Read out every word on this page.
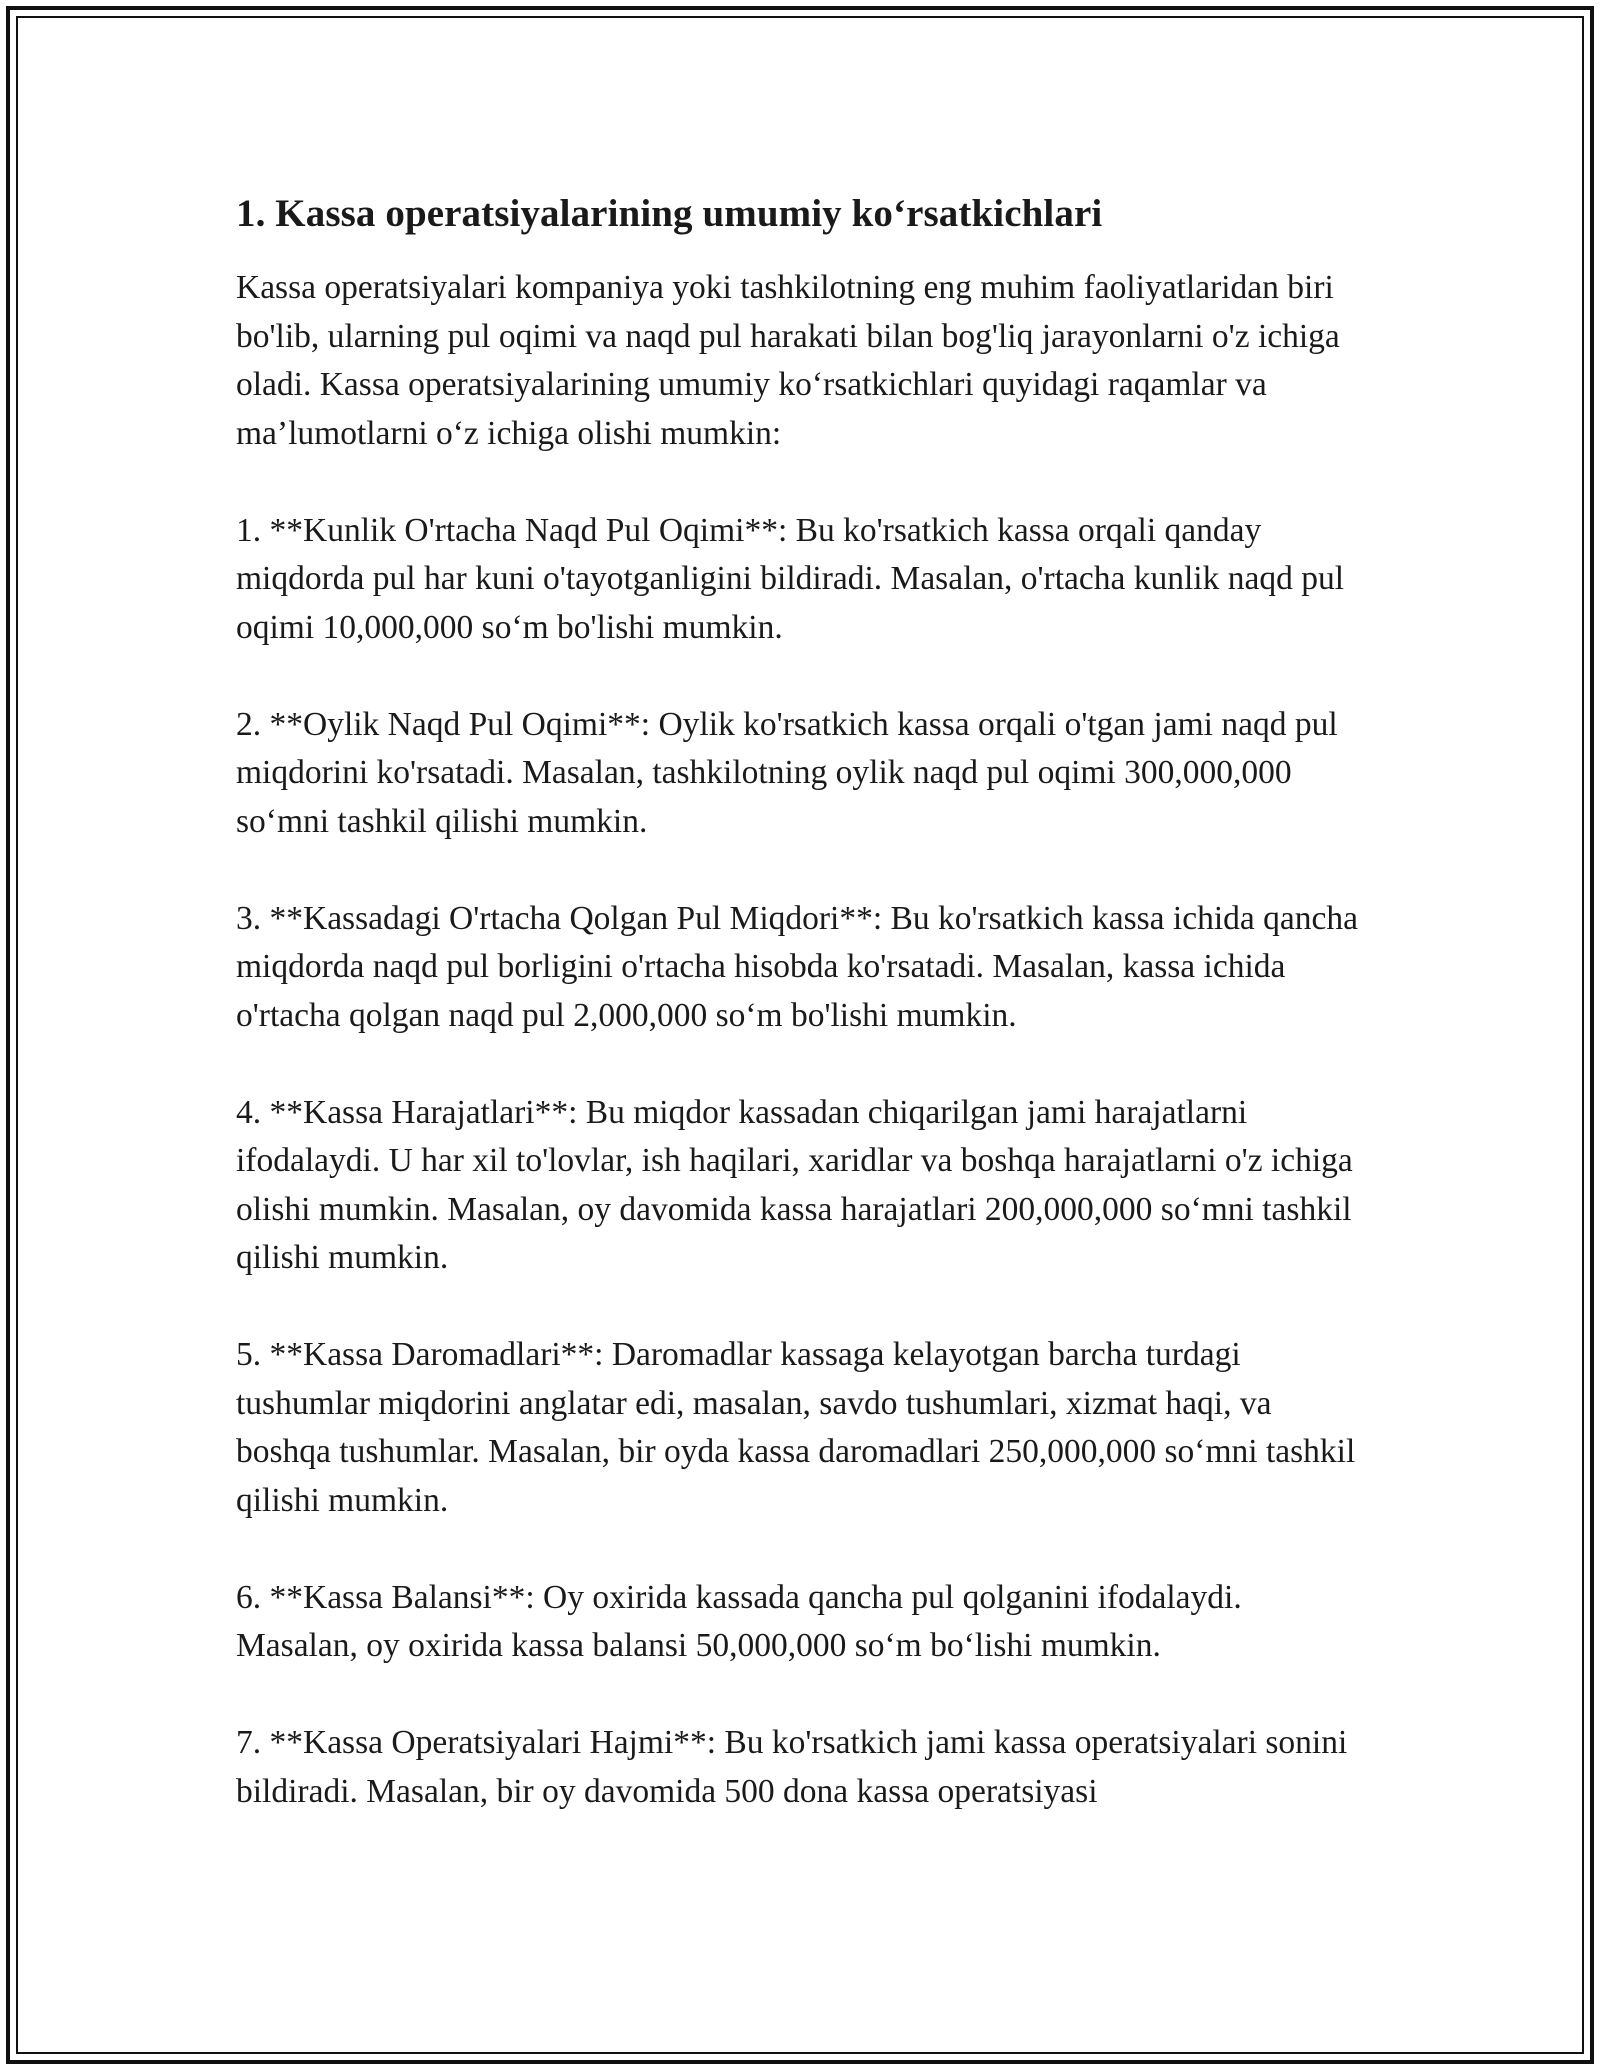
1. Kassa operatsiyalarining umumiy ko‘rsatkichlari

Kassa operatsiyalari kompaniya yoki tashkilotning eng muhim faoliyatlaridan biri bo'lib, ularning pul oqimi va naqd pul harakati bilan bog'liq jarayonlarni o'z ichiga oladi. Kassa operatsiyalarining umumiy ko‘rsatkichlari quyidagi raqamlar va ma’lumotlarni o‘z ichiga olishi mumkin:

1. **Kunlik O'rtacha Naqd Pul Oqimi**: Bu ko'rsatkich kassa orqali qanday miqdorda pul har kuni o'tayotganligini bildiradi. Masalan, o'rtacha kunlik naqd pul oqimi 10,000,000 so‘m bo'lishi mumkin.

2. **Oylik Naqd Pul Oqimi**: Oylik ko'rsatkich kassa orqali o'tgan jami naqd pul miqdorini ko'rsatadi. Masalan, tashkilotning oylik naqd pul oqimi 300,000,000 so‘mni tashkil qilishi mumkin.

3. **Kassadagi O'rtacha Qolgan Pul Miqdori**: Bu ko'rsatkich kassa ichida qancha miqdorda naqd pul borligini o'rtacha hisobda ko'rsatadi. Masalan, kassa ichida o'rtacha qolgan naqd pul 2,000,000 so‘m bo'lishi mumkin.

4. **Kassa Harajatlari**: Bu miqdor kassadan chiqarilgan jami harajatlarni ifodalaydi. U har xil to'lovlar, ish haqilari, xaridlar va boshqa harajatlarni o'z ichiga olishi mumkin. Masalan, oy davomida kassa harajatlari 200,000,000 so‘mni tashkil qilishi mumkin.

5. **Kassa Daromadlari**: Daromadlar kassaga kelayotgan barcha turdagi tushumlar miqdorini anglatar edi, masalan, savdo tushumlari, xizmat haqi, va boshqa tushumlar. Masalan, bir oyda kassa daromadlari 250,000,000 so‘mni tashkil qilishi mumkin.

6. **Kassa Balansi**: Oy oxirida kassada qancha pul qolganini ifodalaydi. Masalan, oy oxirida kassa balansi 50,000,000 so‘m bo‘lishi mumkin.

7. **Kassa Operatsiyalari Hajmi**: Bu ko'rsatkich jami kassa operatsiyalari sonini bildiradi. Masalan, bir oy davomida 500 dona kassa operatsiyasi
